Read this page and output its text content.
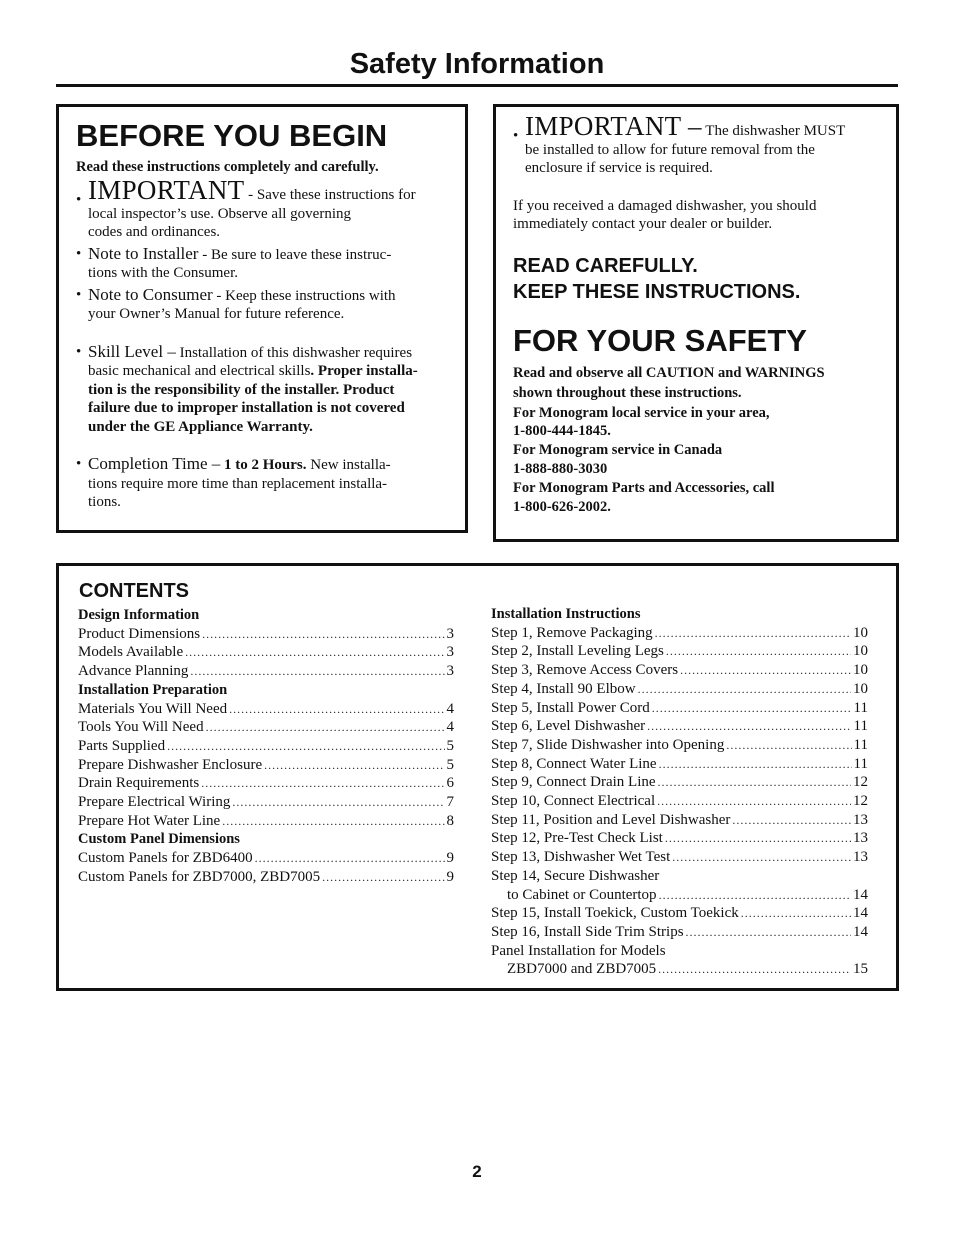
Safety Information
BEFORE YOU BEGIN
Read these instructions completely and carefully.
• IMPORTANT - Save these instructions for
local inspector’s use. Observe all governing
codes and ordinances.
• Note to Installer - Be sure to leave these instruc-
tions with the Consumer.
• Note to Consumer - Keep these instructions with
your Owner’s Manual for future reference.
• Skill Level – Installation of this dishwasher requires
basic mechanical and electrical skills. Proper installa-
tion is the responsibility of the installer. Product
failure due to improper installation is not covered
under the GE Appliance Warranty.
• Completion Time – 1 to 2 Hours. New installa-
tions require more time than replacement installa-
tions.
• IMPORTANT – The dishwasher MUST
be installed to allow for future removal from the
enclosure if service is required.
If you received a damaged dishwasher, you should
immediately contact your dealer or builder.
READ CAREFULLY.
KEEP THESE INSTRUCTIONS.
FOR YOUR SAFETY
Read and observe all CAUTION and WARNINGS
shown throughout these instructions.
For Monogram local service in your area,
1-800-444-1845.
For Monogram service in Canada
1-888-880-3030
For Monogram Parts and Accessories, call
1-800-626-2002.
CONTENTS
Design Information
Product Dimensions .....	3
Models Available .....	3
Advance Planning .....	3
Installation Preparation
Materials You Will Need .....	4
Tools You Will Need .....	4
Parts Supplied .....	5
Prepare Dishwasher Enclosure .....	5
Drain Requirements .....	6
Prepare Electrical Wiring .....	7
Prepare Hot Water Line .....	8
Custom Panel Dimensions
Custom Panels for ZBD6400 .....	9
Custom Panels for ZBD7000, ZBD7005 .....	9
Installation Instructions
Step 1, Remove Packaging .....	10
Step 2, Install Leveling Legs .....	10
Step 3, Remove Access Covers .....	10
Step 4, Install 90 Elbow .....	10
Step 5, Install Power Cord .....	11
Step 6, Level Dishwasher .....	11
Step 7, Slide Dishwasher into Opening .....	11
Step 8, Connect Water Line .....	11
Step 9, Connect Drain Line .....	12
Step 10, Connect Electrical .....	12
Step 11, Position and Level Dishwasher .....	13
Step 12, Pre-Test Check List .....	13
Step 13, Dishwasher Wet Test .....	13
Step 14, Secure Dishwasher
to Cabinet or Countertop .....	14
Step 15, Install Toekick, Custom Toekick .....	14
Step 16, Install Side Trim Strips .....	14
Panel Installation for Models
ZBD7000 and ZBD7005 .....	15
2
